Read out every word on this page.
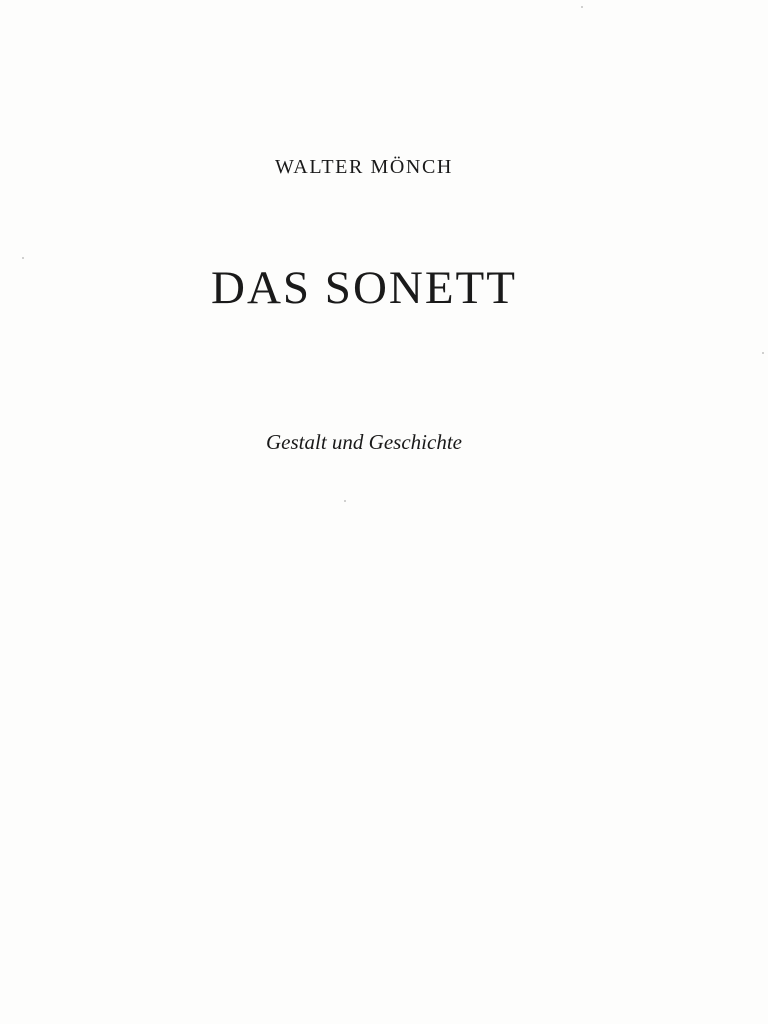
WALTER MÖNCH
DAS SONETT
Gestalt und Geschichte
